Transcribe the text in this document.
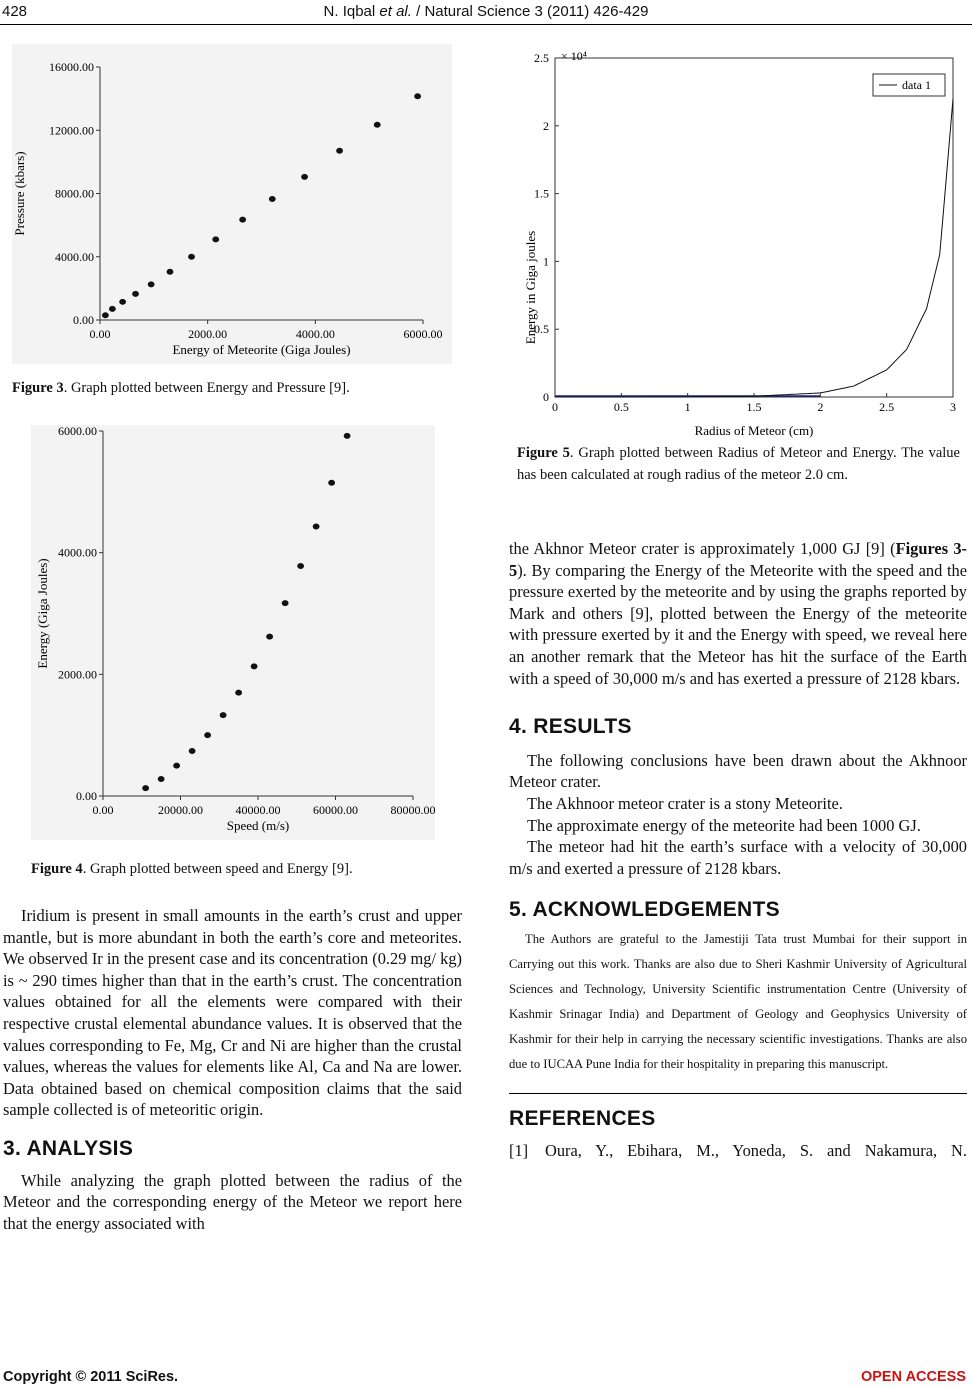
428	N. Iqbal et al. / Natural Science 3 (2011) 426-429
0.00	2000.00	4000.00	6000.00
0.00
4000.00
8000.00
12000.00
16000.00
Energy of Meteorite (Giga Joules)
Pressure (kbars)
Figure 3. Graph plotted between Energy and Pressure [9].
0.00	20000.00	40000.00	60000.00	80000.00
0.00
2000.00
4000.00
6000.00
Speed (m/s)
Energy (Giga Joules)
Figure 4. Graph plotted between speed and Energy [9].
0	0.5	1	1.5	2	2.5	3
0
0.5
1
1.5
2
2.5 × 10⁴
Radius of Meteor (cm)
Energy in Giga joules
data 1
Figure 5. Graph plotted between Radius of Meteor and Energy. The value has been calculated at rough radius of the meteor 2.0 cm.

Iridium is present in small amounts in the earth’s crust and upper mantle, but is more abundant in both the earth’s core and meteorites. We observed Ir in the present case and its concentration (0.29 mg/ kg) is ~ 290 times higher than that in the earth’s crust. The concentration values obtained for all the elements were compared with their respective crustal elemental abundance values. It is observed that the values corresponding to Fe, Mg, Cr and Ni are higher than the crustal values, whereas the values for elements like Al, Ca and Na are lower. Data obtained based on chemical composition claims that the said sample collected is of meteoritic origin.

3. ANALYSIS

While analyzing the graph plotted between the radius of the Meteor and the corresponding energy of the Meteor we report here that the energy associated with

the Akhnor Meteor crater is approximately 1,000 GJ [9] (Figures 3-5). By comparing the Energy of the Meteorite with the speed and the pressure exerted by the meteorite and by using the graphs reported by Mark and others [9], plotted between the Energy of the meteorite with pressure exerted by it and the Energy with speed, we reveal here an another remark that the Meteor has hit the surface of the Earth with a speed of 30,000 m/s and has exerted a pressure of 2128 kbars.

4. RESULTS

The following conclusions have been drawn about the Akhnoor Meteor crater.

The Akhnoor meteor crater is a stony Meteorite.

The approximate energy of the meteorite had been 1000 GJ.

The meteor had hit the earth’s surface with a velocity of 30,000 m/s and exerted a pressure of 2128 kbars.

5. ACKNOWLEDGEMENTS

The Authors are grateful to the Jamestiji Tata trust Mumbai for their support in Carrying out this work. Thanks are also due to Sheri Kashmir University of Agricultural Sciences and Technology, University Scientific instrumentation Centre (University of Kashmir Srinagar India) and Department of Geology and Geophysics University of Kashmir for their help in carrying the necessary scientific investigations. Thanks are also due to IUCAA Pune India for their hospitality in preparing this manuscript.

REFERENCES
[1]	Oura, Y., Ebihara, M., Yoneda, S. and Nakamura, N.
Copyright © 2011 SciRes.	OPEN ACCESS
